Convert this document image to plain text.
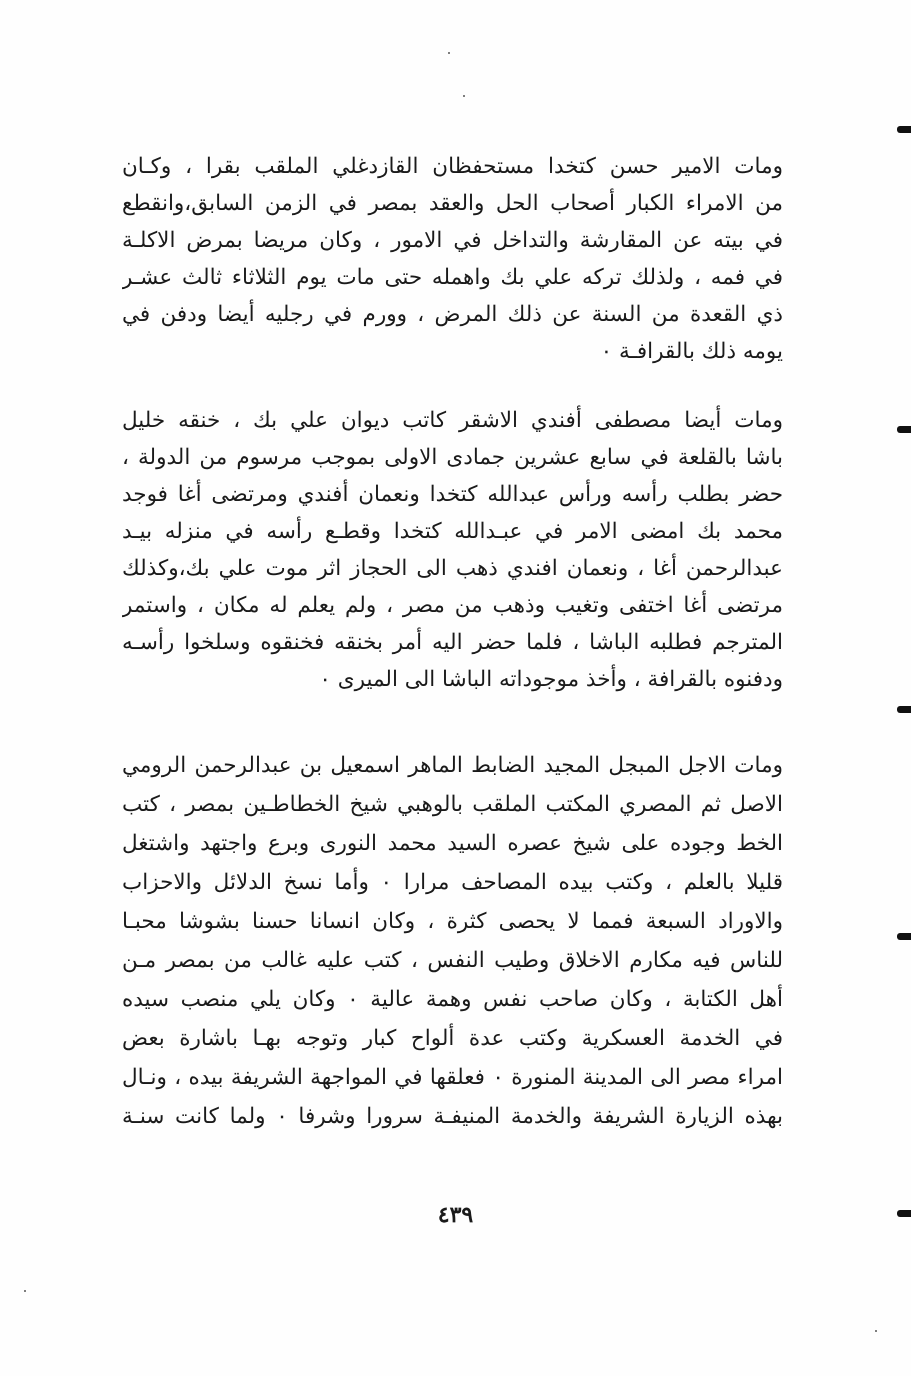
ومات الامير حسن كتخدا مستحفظان القازدغلي الملقب بقرا ، وكـان
من الامراء الكبار أصحاب الحل والعقد بمصر في الزمن السابق،وانقطع
في بيته عن المقارشة والتداخل في الامور ، وكان مريضا بمرض الاكلـة
في فمه ، ولذلك تركه علي بك واهمله حتى مات يوم الثلاثاء ثالث عشـر
ذي القعدة من السنة عن ذلك المرض ، وورم في رجليه أيضا ودفن في
يومه ذلك بالقرافـة ٠
ومات أيضا مصطفى أفندي الاشقر كاتب ديوان علي بك ، خنقه خليل
باشا بالقلعة في سابع عشرين جمادى الاولى بموجب مرسوم من الدولة ،
حضر بطلب رأسه ورأس عبدالله كتخدا ونعمان أفندي ومرتضى أغا فوجد
محمد بك امضى الامر في عبـدالله كتخدا وقطـع رأسه في منزله بيـد
عبدالرحمن أغا ، ونعمان افندي ذهب الى الحجاز اثر موت علي بك،وكذلك
مرتضى أغا اختفى وتغيب وذهب من مصر ، ولم يعلم له مكان ، واستمر
المترجم فطلبه الباشا ، فلما حضر اليه أمر بخنقه فخنقوه وسلخوا رأسـه
ودفنوه بالقرافة ، وأخذ موجوداته الباشا الى الميرى ٠
ومات الاجل المبجل المجيد الضابط الماهر اسمعيل بن عبدالرحمن الرومي
الاصل ثم المصري المكتب الملقب بالوهبي شيخ الخطاطـين بمصر ، كتب
الخط وجوده على شيخ عصره السيد محمد النورى وبرع واجتهد واشتغل
قليلا بالعلم ، وكتب بيده المصاحف مرارا ٠ وأما نسخ الدلائل والاحزاب
والاوراد السبعة فمما لا يحصى كثرة ، وكان انسانا حسنا بشوشا محبـا
للناس فيه مكارم الاخلاق وطيب النفس ، كتب عليه غالب من بمصر مـن
أهل الكتابة ، وكان صاحب نفس وهمة عالية ٠ وكان يلي منصب سيده
في الخدمة العسكرية وكتب عدة ألواح كبار وتوجه بهـا باشارة بعض
امراء مصر الى المدينة المنورة ٠ فعلقها في المواجهة الشريفة بيده ، ونـال
بهذه الزيارة الشريفة والخدمة المنيفـة سرورا وشرفا ٠ ولما كانت سنـة
٤٣٩
